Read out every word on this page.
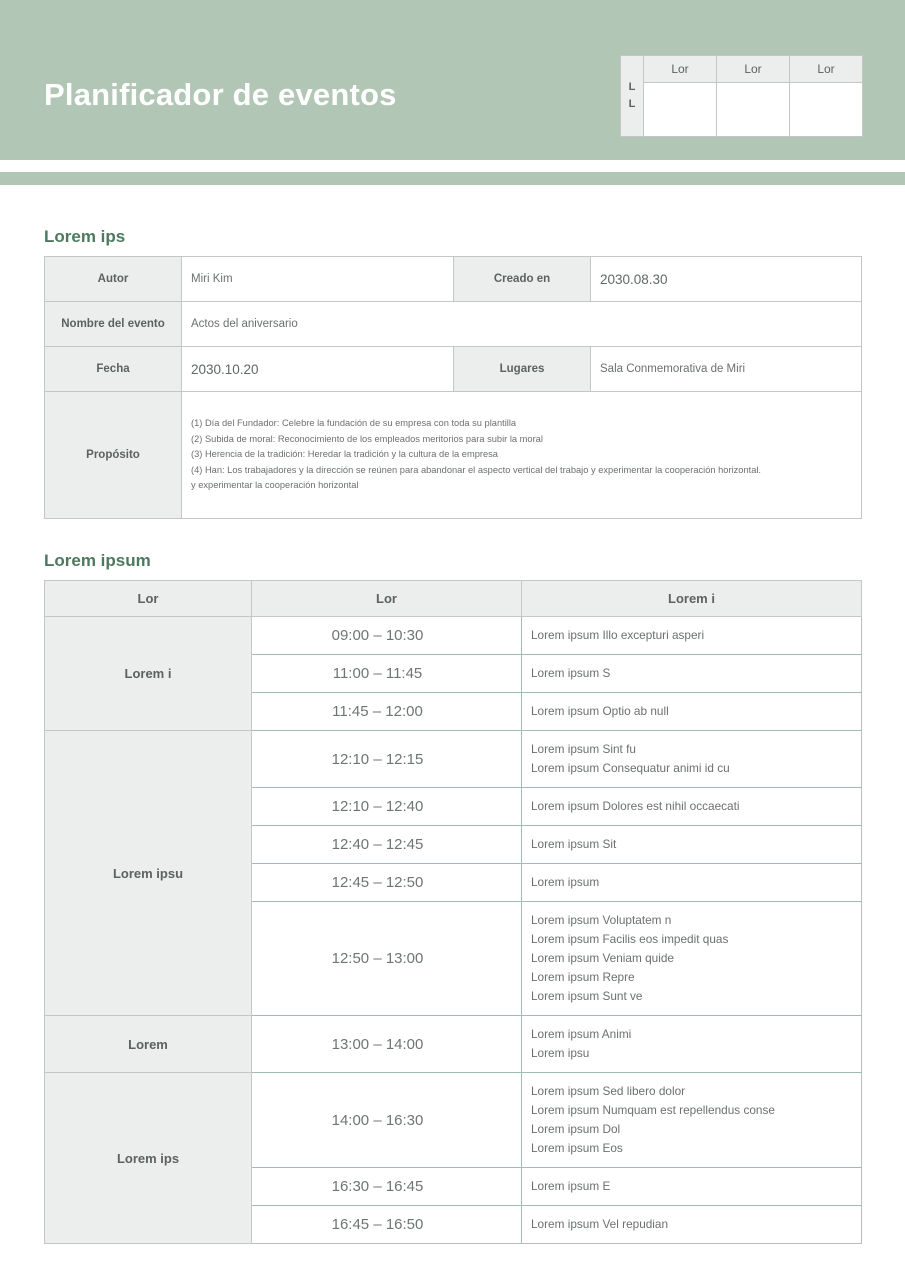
Planificador de eventos	L
L	Lor	Lor	Lor

Lorem ips
Autor	Miri Kim	Creado en	2030.08.30
Nombre del evento	Actos del aniversario		
Fecha	2030.10.20	Lugares	Sala Conmemorativa de Miri
Propósito	(1) Día del Fundador: Celebre la fundación de su empresa con toda su plantilla
(2) Subida de moral: Reconocimiento de los empleados meritorios para subir la moral
(3) Herencia de la tradición: Heredar la tradición y la cultura de la empresa
(4) Han: Los trabajadores y la dirección se reúnen para abandonar el aspecto vertical del trabajo y experimentar la cooperación horizontal.
y experimentar la cooperación horizontal		
Lorem ipsum
Lor	Lor	Lorem i
Lorem i	09:00 – 10:30	Lorem ipsum Illo excepturi asperi

	11:00 – 11:45	Lorem ipsum S

	11:45 – 12:00	Lorem ipsum Optio ab null

Lorem ipsu	12:10 – 12:15	Lorem ipsum Sint fu
Lorem ipsum Consequatur animi id cu

	12:10 – 12:40	Lorem ipsum Dolores est nihil occaecati

	12:40 – 12:45	Lorem ipsum Sit

	12:45 – 12:50	Lorem ipsum

	12:50 – 13:00	Lorem ipsum Voluptatem n
Lorem ipsum Facilis eos impedit quas
Lorem ipsum Veniam quide
Lorem ipsum Repre
Lorem ipsum Sunt ve

Lorem	13:00 – 14:00	Lorem ipsum Animi
Lorem ipsu

Lorem ips	14:00 – 16:30	Lorem ipsum Sed libero dolor
Lorem ipsum Numquam est repellendus conse
Lorem ipsum Dol
Lorem ipsum Eos

	16:30 – 16:45	Lorem ipsum E

	16:45 – 16:50	Lorem ipsum Vel repudian
